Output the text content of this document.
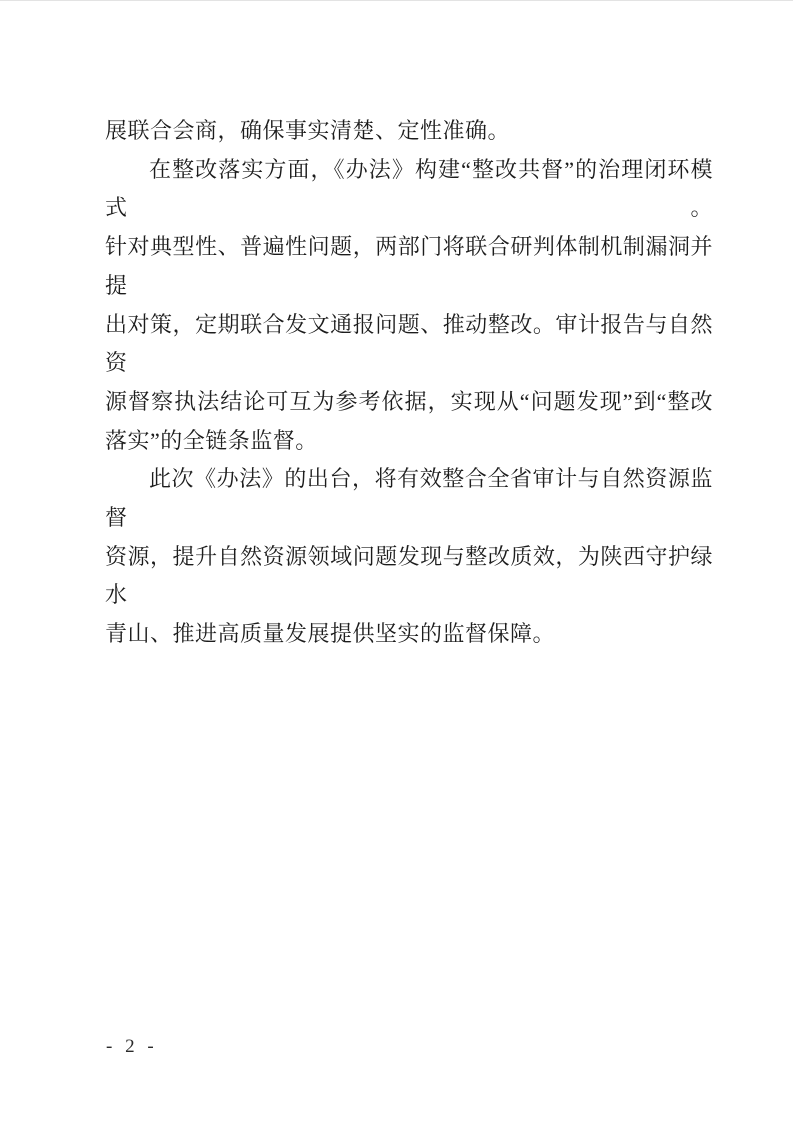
展联合会商，确保事实清楚、定性准确。

在整改落实方面，《办法》构建“整改共督”的治理闭环模式。

针对典型性、普遍性问题，两部门将联合研判体制机制漏洞并提

出对策，定期联合发文通报问题、推动整改。审计报告与自然资

源督察执法结论可互为参考依据，实现从“问题发现”到“整改

落实”的全链条监督。

此次《办法》的出台，将有效整合全省审计与自然资源监督

资源，提升自然资源领域问题发现与整改质效，为陕西守护绿水

青山、推进高质量发展提供坚实的监督保障。

- 2 -
